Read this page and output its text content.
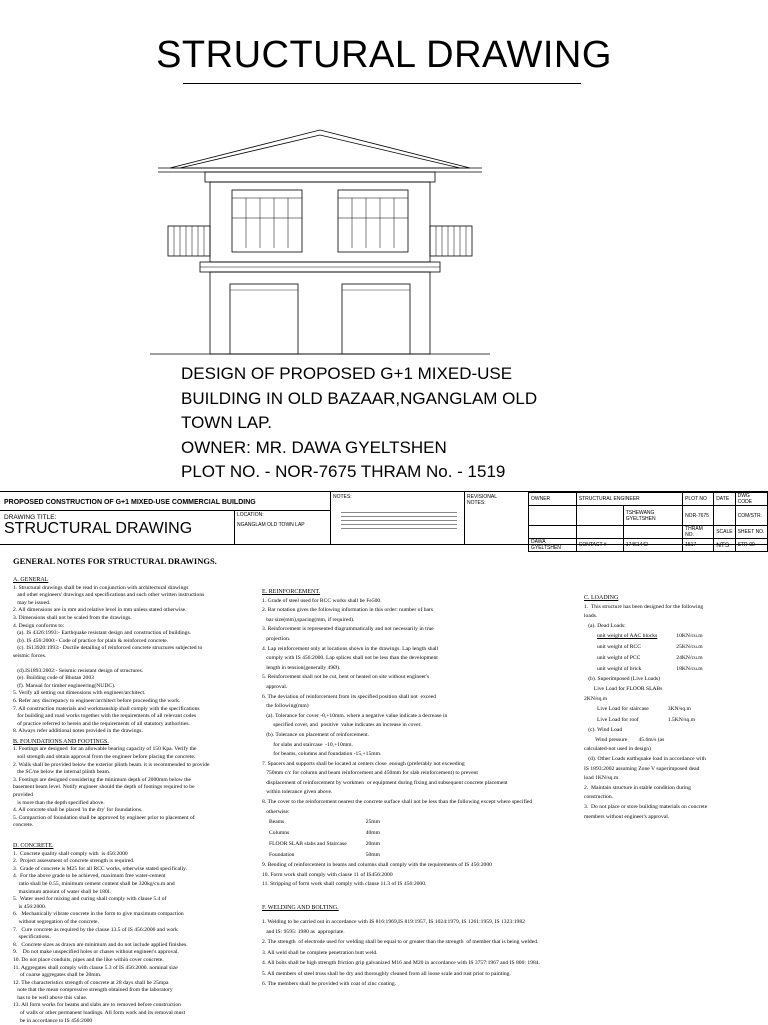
STRUCTURAL DRAWING
DESIGN OF PROPOSED G+1 MIXED-USE
BUILDING IN OLD BAZAAR,NGANGLAM OLD
TOWN LAP.
OWNER: MR. DAWA GYELTSHEN
PLOT NO. - NOR-7675 THRAM No. - 1519
PROPOSED CONSTRUCTION OF G+1 MIXED-USE COMMERCIAL BUILDING
DRAWING TITLE:
STRUCTURAL DRAWING
LOCATION:
NGANGLAM OLD TOWN LAP
NOTES:	REVISIONAL NOTES:
OWNER	STRUCTURAL ENGINEER		PLOT NO	DATE	DWG CODE
		TSHEWANG GYELTSHEN	NOR-7675		COM/STR.
			THRAM NO.	SCALE	SHEET NO.
DAWA GYELTSHEN	CONTACT #	17461442	1517	NTS	STR-00
GENERAL NOTES FOR STRUCTURAL DRAWINGS.
A. GENERAL
1. Structural drawings shall be read in conjunction with architectural drawings
and other engineers' drawings and specifications and such other written instructions
may be issued.
2. All dimensions are in mm and relative level in mm unless stated otherwise.
3. Dimensions shall not be scaled from the drawings.
4. Design conforms to:
(a). IS 4326:1993:- Earthquake resistant design and construction of buildings.
(b). IS 456:2000:- Code of practice for plain & reinforced concrete.
(c). IS13920:1993:- Ductile detailing of reinforced concrete structures subjected to
seismic forces.
(d).IS1893:2002:- Seismic resistant design of structures.
(e). Building code of Bhutan 2003
(f). Manual for timber engineering(NUDC).
5. Verify all setting out dimensions with engineer/architect.
6. Refer any discrepancy to engineer/architect before proceeding the work.
7. All construction materials and workmanship shall comply with the specifications
for building and road works together with the requirements of all relevant codes
of practice referred to herein and the requirements of all statutory authorities.
8. Always refer additional notes provided in the drawings.
B. FOUNDATIONS AND FOOTINGS.
1. Footings are designed  for an allowable bearing capacity of 150 Kpa. Verify the
soil strength and obtain approval from the engineer before placing the concrete.
2. Walls shall be provided below the exterior plinth beam. it is recommended to provide
the SC/ne below the internal plinth beam.
3. Footings are designed considering the minimum depth of 2000mm below the
basement beam level. Notify engineer should the depth of footings required to be
provided
is more than the depth specified above.
4. All concrete shall be placed 'in the dry' for foundations.
5. Compaction of foundation shall be approved by engineer prior to placement of
concrete.
D. CONCRETE.
1.  Concrete quality shall comply with  is 456:2000
2.  Project assessment of concrete strength is required.
3.  Grade of concrete is M25 for all RCC works, otherwise stated specifically.
4.  For the above grade to be achieved, maximum free water-cement
ratio shall be 0.55, minimum cement content shall be 320kg/cu.m and
maximum amount of water shall be 180l.
5.  Water used for mixing and curing shall comply with clause 5.4 of
is 456:2000.
6.   Mechanically vibrate concrete in the form to give maximum compaction
without segregation of the concrete.
7.   Cure concrete as required by the clause 13.5 of IS 456:2000 and work
specifications.
8.   Concrete sizes as drawn are minimum and do not include applied finishes.
9.    Do not make unspecified holes or chases without engineer's approval.
10. Do not place conduits, pipes and the like within cover concrete.
11. Aggregates shall comply with clause 5.3 of IS 456:2000. nominal size
of coarse aggregates shall be 20mm.
12. The characteristics strength of concrete at 28 days shall be 25mpa
note that the mean compressive strength obtained from the laboratory
has to be well above this value.
13. All form works for beams and slabs are to removed before construction
of walls or other permanent loadings. All form work and its removal must
be in accordance to IS 456:2000
E. REINFORCEMENT.
1. Grade of steel used for RCC works shall be Fe500.
2. Bar notation gives the following information in this order: number of bars
bar size(mm),spacing(mm, if required).
3. Reinforcement is represented diagrammatically and not necessarily in true
projection.
4. Lap reinforcement only at locations shown in the drawings. Lap length shall
comply with IS 456:2000. Lap splices shall not be less than the development
length in tension(generally 49Ø).
5. Reinforcement shall not be cut, bent or heated on site without engineer's
approval.
6. The deviation of reinforcement from its specified position shall not  exceed
the following(mm)
(a). Tolerance for cover -0,+10mm. where a negative value indicate a decrease in
specified cover, and  positive  value indicates an increase in cover.
(b). Tolerance on placement of reinforcement.
for slabs and staircase  -10,+10mm.
for beams, columns and foundation -15,+15mm.
7. Spacers and supports shall be located at centers close  enough (preferably not exceeding
750mm c/c for column and beam reinforcement and 450mm for slab reinforcement) to prevent
displacement of reinforcement by workmen  or equipment during fixing and subsequent concrete placement
within tolerance given above.
8. The cover to the reinforcement nearest the concrete surface shall not be less than the following except where specified
otherwise:
Beams	25mm
Columns	40mm
FLOOR SLAB slabs and Staircase	20mm
Foundation	50mm
9. Bending of reinforcement in beams and columns shall comply with the requirements of IS 456:2000
10. Form work shall comply with clause 11 of IS456:2000
11. Stripping of form work shall comply with clause 11.3 of IS 456:2000.
F. WELDING AND BOLTING.
1. Welding to be carried out in accordance with IS 816:1969,IS 819:1957, IS 1024:1979, IS 1261:1959, IS 1323:1982
and IS: 9595: 1980 as  appropriate.
2. The strength  of electrode used for welding shall be equal to or greater than the strength  of member that is being welded.
3. All weld shall be complete penetration butt weld.
4. All bolts shall be high strength friction grip galvanized M16 and M20 in accordance with IS 3757:1967 and IS 800: 1984.
5. All members of steel truss shall be dry and thoroughly cleaned from all loose scale and rust prior to painting.
6. The members shall be provided with coat of zinc coating.
C. LOADING
1.  This structure has been designed for the following
loads.
(a). Dead Loads:
unit weight of AAC blocks	10KN/cu.m
unit weight of RCC	25KN/cu.m
unit weight of PCC	24KN/cu.m
unit weight of brick	18KN/cu.m
(b). Superimposed (Live Loads)
Live Load for FLOOR SLABs
2KN/sq.m
Live Load for staircase	3KN/sq.m
Live Load for roof	1.5KN/sq.m
(c). Wind Load
Wind pressure        45.6m/s (as
calculated-not used in design)
(d). Other Loads earthquake load in accordance with
IS 1893:2002 assuming Zone V superimposed dead
load 1KN/sq.m
2.  Maintain structure in stable condition during
construction.
3.  Do not place or store building materials on concrete
members without engineer's approval.
